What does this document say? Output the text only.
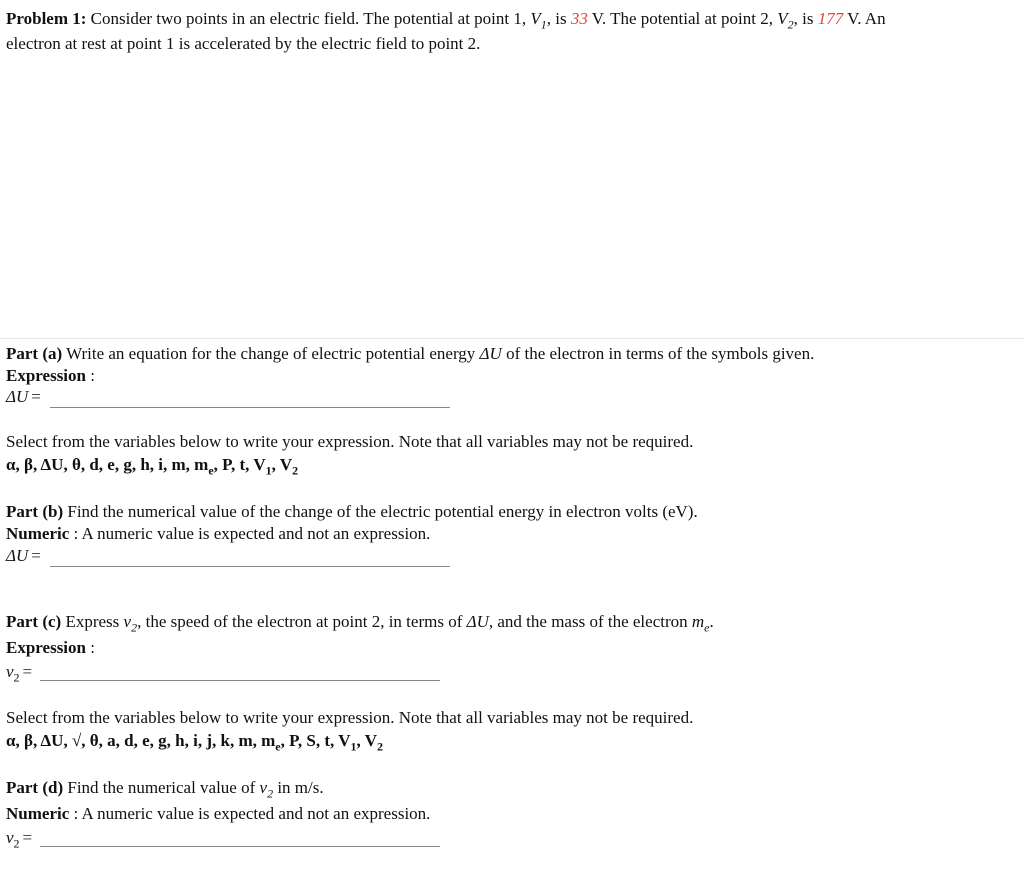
Problem 1: Consider two points in an electric field. The potential at point 1, $V_1$, is 33 V. The potential at point 2, $V_2$, is 177 V. An
electron at rest at point 1 is accelerated by the electric field to point 2.
Part (a) Write an equation for the change of electric potential energy ΔU of the electron in terms of the symbols given.
Expression :
ΔU =
Select from the variables below to write your expression. Note that all variables may not be required.
α, β, ΔU, θ, d, e, g, h, i, m, $m_e$, P, t, $V_1$, $V_2$
Part (b) Find the numerical value of the change of the electric potential energy in electron volts (eV).
Numeric : A numeric value is expected and not an expression.
ΔU =
Part (c) Express $v_2$, the speed of the electron at point 2, in terms of ΔU, and the mass of the electron $m_e$.
Expression :
$v_2$ =
Select from the variables below to write your expression. Note that all variables may not be required.
α, β, ΔU, √, θ, a, d, e, g, h, i, j, k, m, $m_e$, P, S, t, $V_1$, $V_2$
Part (d) Find the numerical value of $v_2$ in m/s.
Numeric : A numeric value is expected and not an expression.
$v_2$ =
